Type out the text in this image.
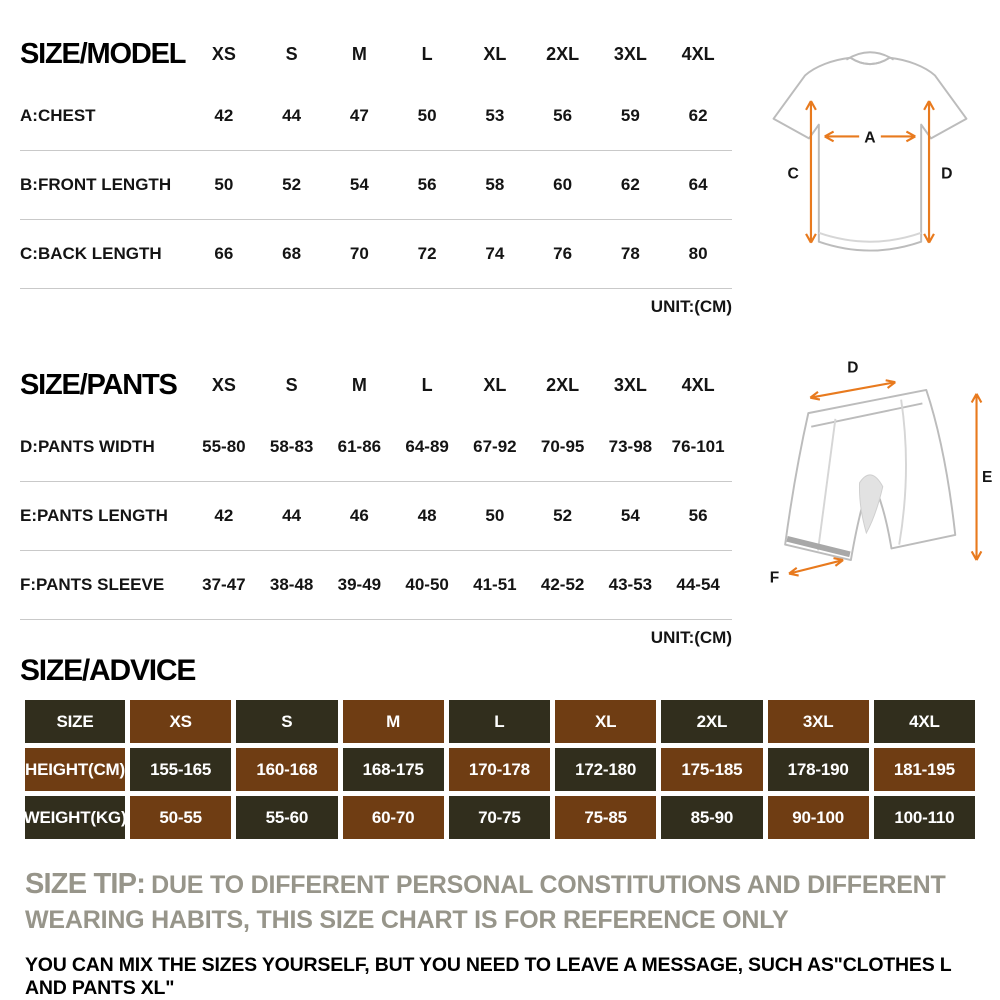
SIZE/MODEL	XS	S	M	L	XL	2XL	3XL	4XL
A:CHEST	42	44	47	50	53	56	59	62
B:FRONT LENGTH	50	52	54	56	58	60	62	64
C:BACK LENGTH	66	68	70	72	74	76	78	80
UNIT:(CM)
A
C	D
SIZE/PANTS	XS	S	M	L	XL	2XL	3XL	4XL
D:PANTS WIDTH	55-80	58-83	61-86	64-89	67-92	70-95	73-98	76-101
E:PANTS LENGTH	42	44	46	48	50	52	54	56
F:PANTS SLEEVE	37-47	38-48	39-49	40-50	41-51	42-52	43-53	44-54
UNIT:(CM)
D
E
F
SIZE/ADVICE
SIZE	XS	S	M	L	XL	2XL	3XL	4XL
HEIGHT(CM)	155-165	160-168	168-175	170-178	172-180	175-185	178-190	181-195
WEIGHT(KG)	50-55	55-60	60-70	70-75	75-85	85-90	90-100	100-110
SIZE TIP: DUE TO DIFFERENT PERSONAL CONSTITUTIONS AND DIFFERENT WEARING HABITS, THIS SIZE CHART IS FOR REFERENCE ONLY
YOU CAN MIX THE SIZES YOURSELF, BUT YOU NEED TO LEAVE A MESSAGE, SUCH AS"CLOTHES L AND PANTS XL"
